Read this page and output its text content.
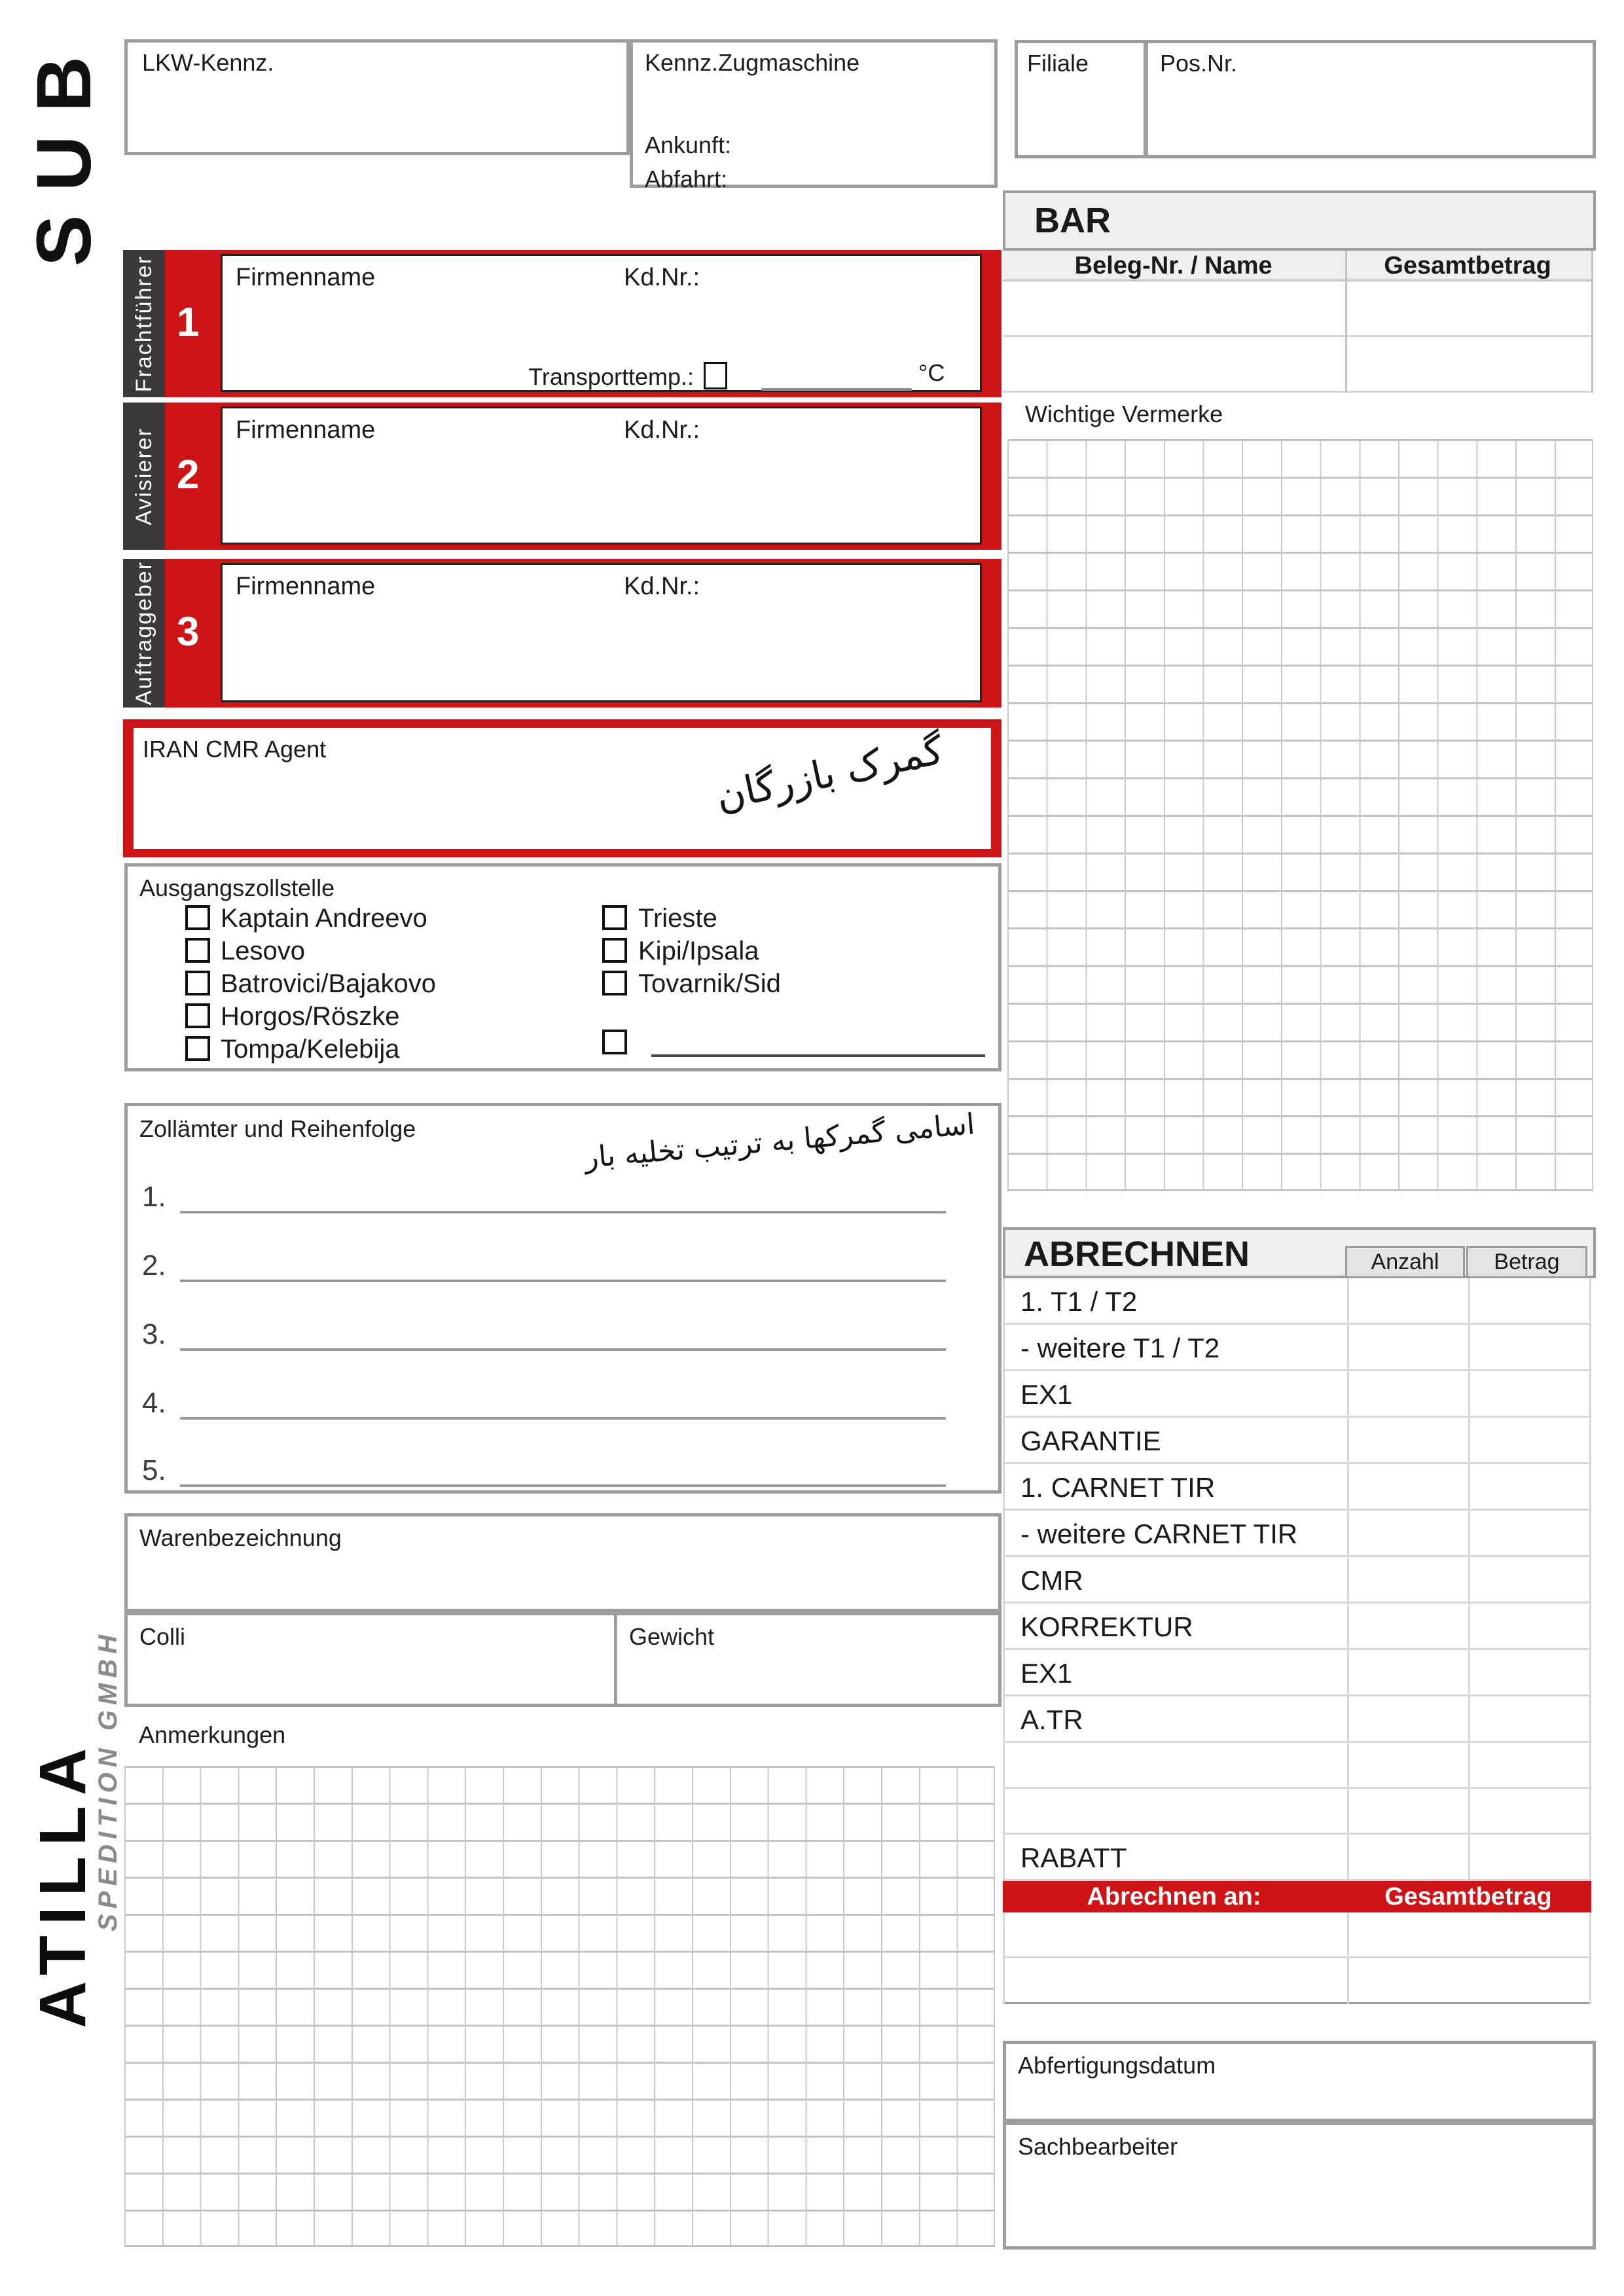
SUB LKW-Kennz.	Kennz.Zugmaschine
Ankunft:
Abfahrt:
Filiale	Pos.Nr.
Frachtführer 1
Firmenname	Kd.Nr.:
Transporttemp.:	°C
Avisierer 2
Firmenname	Kd.Nr.:
Auftraggeber 3
Firmenname	Kd.Nr.:
IRAN CMR Agent	گمرک بازرگان
Ausgangszollstelle
Kaptain Andreevo
Lesovo
Batrovici/Bajakovo
Horgos/Röszke
Tompa/Kelebija
Trieste
Kipi/Ipsala
Tovarnik/Sid
Zollämter und Reihenfolge	اسامی گمرکها به ترتیب تخلیه بار
1.
2.
3.
4.
5.
Warenbezeichnung
Colli	Gewicht
Anmerkungen
ATILLA
SPEDITION GMBH
BAR
Beleg-Nr. / Name	Gesamtbetrag
Wichtige Vermerke
ABRECHNEN	Anzahl	Betrag
1. T1 / T2
- weitere T1 / T2
EX1
GARANTIE
1. CARNET TIR
- weitere CARNET TIR
CMR
KORREKTUR
EX1
A.TR
RABATT
Abrechnen an:	Gesamtbetrag
Abfertigungsdatum
Sachbearbeiter
